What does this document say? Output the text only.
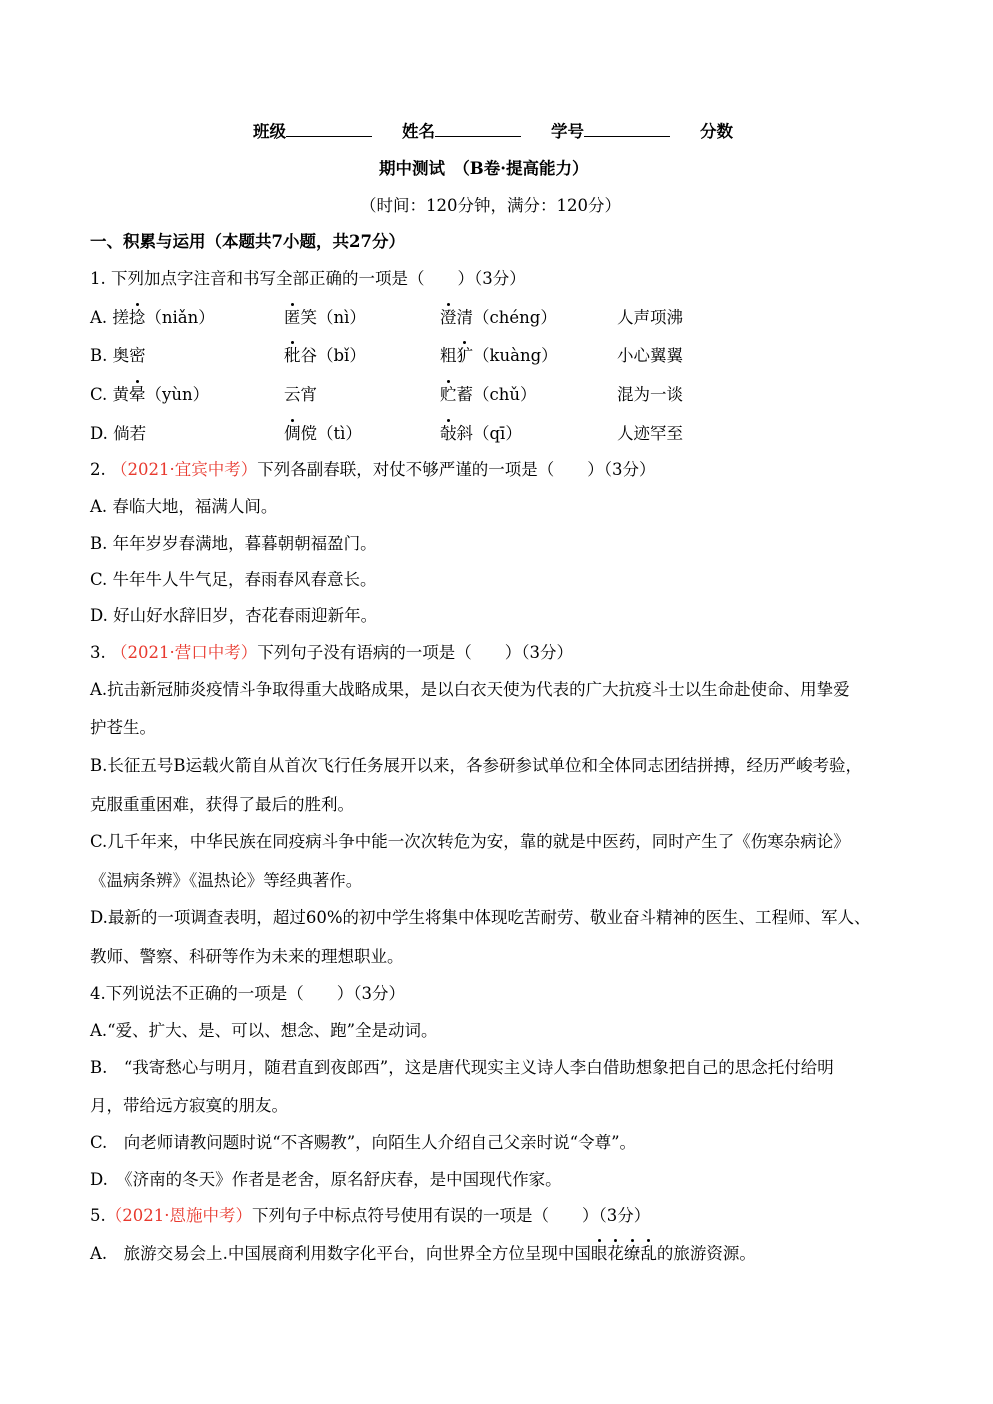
班级	姓名	学号	分数
期中测试　（B卷·提高能力）
（时间：120分钟，满分：120分）
一、积累与运用（本题共7小题，共27分）
1. 下列加点字注音和书写全部正确的一项是（　　）（3分）
A. 搓捻（niǎn）	匿笑（nì）	澄清（chéng）	人声项沸
B. 奥密	秕谷（bǐ）	粗犷（kuàng）	小心翼翼
C. 黄晕（yùn）	云宵	贮蓄（chǔ）	混为一谈
D. 倘若	倜傥（tì）	敧斜（qī）	人迹罕至
2. （2021·宜宾中考）下列各副春联，对仗不够严谨的一项是（　　）（3分）
A. 春临大地，福满人间。
B. 年年岁岁春满地，暮暮朝朝福盈门。
C. 牛年牛人牛气足，春雨春风春意长。
D. 好山好水辞旧岁，杏花春雨迎新年。
3. （2021·营口中考）下列句子没有语病的一项是（　　）（3分）
A.抗击新冠肺炎疫情斗争取得重大战略成果，是以白衣天使为代表的广大抗疫斗士以生命赴使命、用挚爱
护苍生。
B.长征五号B运载火箭自从首次飞行任务展开以来，各参研参试单位和全体同志团结拼搏，经历严峻考验，
克服重重困难，获得了最后的胜利。
C.几千年来，中华民族在同疫病斗争中能一次次转危为安，靠的就是中医药，同时产生了《伤寒杂病论》
《温病条辨》《温热论》等经典著作。
D.最新的一项调查表明，超过60%的初中学生将集中体现吃苦耐劳、敬业奋斗精神的医生、工程师、军人、
教师、警察、科研等作为未来的理想职业。
4.下列说法不正确的一项是（　　）（3分）
A.“爱、扩大、是、可以、想念、跑”全是动词。
B.　“我寄愁心与明月，随君直到夜郎西”，这是唐代现实主义诗人李白借助想象把自己的思念托付给明
月，带给远方寂寞的朋友。
C.　向老师请教问题时说“不吝赐教”，向陌生人介绍自己父亲时说“令尊”。
D.　《济南的冬天》作者是老舍，原名舒庆春，是中国现代作家。
5.（2021·恩施中考）下列句子中标点符号使用有误的一项是（　　）（3分）
A.　旅游交易会上.中国展商利用数字化平台，向世界全方位呈现中国眼花缭乱的旅游资源。
